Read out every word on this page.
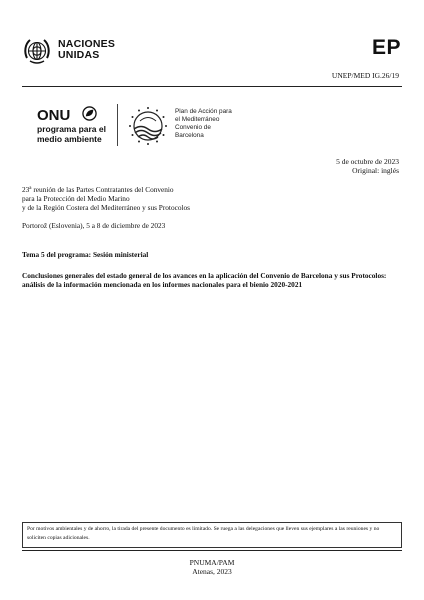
NACIONES
UNIDAS	EP
UNEP/MED IG.26/19
ONU
programa para el
medio ambiente
Plan de Acción para
el Mediterráneo
Convenio de
Barcelona
5 de octubre de 2023
Original: inglés
23$^a$ reunión de las Partes Contratantes del Convenio
para la Protección del Medio Marino
y de la Región Costera del Mediterráneo y sus Protocolos
Portorož (Eslovenia), 5 a 8 de diciembre de 2023
Tema 5 del programa: Sesión ministerial
Conclusiones generales del estado general de los avances en la aplicación del Convenio de Barcelona y sus Protocolos: análisis de la información mencionada en los informes nacionales para el bienio 2020-2021
Por motivos ambientales y de ahorro, la tirada del presente documento es limitado. Se ruega a las delegaciones que lleven sus ejemplares a las reuniones y no soliciten copias adicionales.
PNUMA/PAM
Atenas, 2023
